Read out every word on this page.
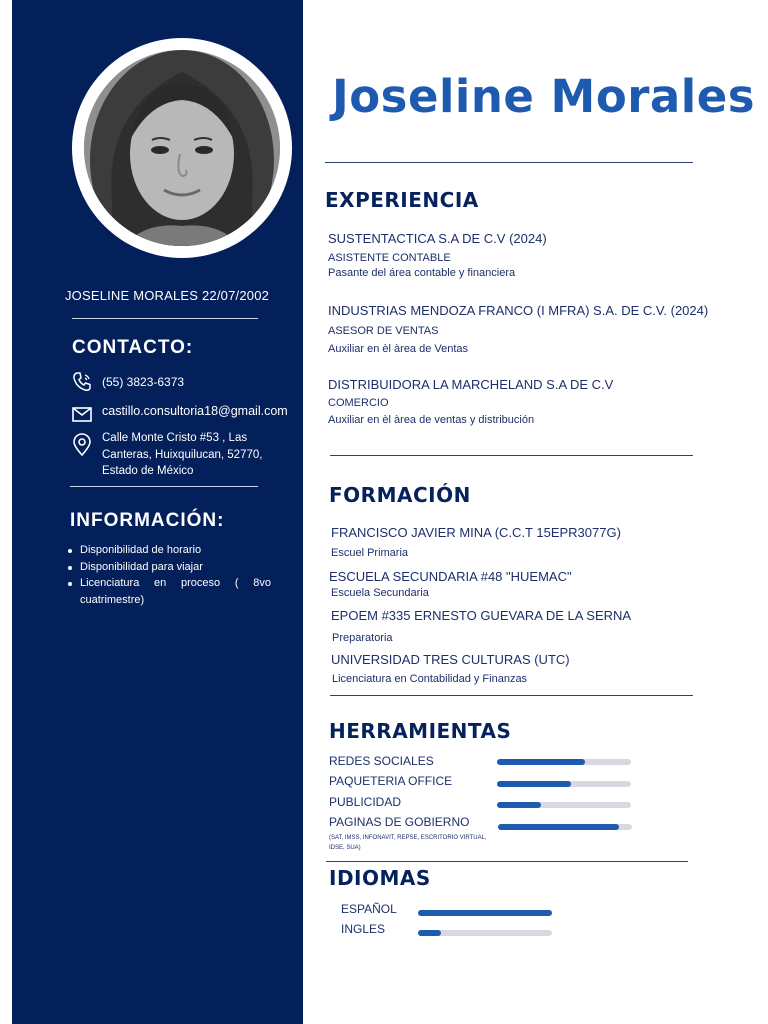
JOSELINE MORALES 22/07/2002
CONTACTO:
(55) 3823-6373
castillo.consultoria18@gmail.com
Calle Monte Cristo #53 , Las
Canteras, Huixquilucan, 52770,
Estado de México
INFORMACIÓN:
Disponibilidad de horario
Disponibilidad para viajar
Licenciatura en proceso ( 8vo cuatrimestre)
Joseline Morales
EXPERIENCIA
SUSTENTACTICA S.A DE C.V (2024)
ASISTENTE CONTABLE
Pasante del área contable y financiera
INDUSTRIAS MENDOZA FRANCO (I MFRA) S.A. DE C.V. (2024)
ASESOR DE VENTAS
Auxiliar en èl àrea de Ventas
DISTRIBUIDORA LA MARCHELAND S.A DE C.V
COMERCIO
Auxiliar en èl àrea de ventas y distribución
FORMACIÓN
FRANCISCO JAVIER MINA (C.C.T 15EPR3077G)
Escuel Primaria
ESCUELA SECUNDARIA #48 "HUEMAC"
Escuela Secundaria
EPOEM #335 ERNESTO GUEVARA DE LA SERNA
Preparatoria
UNIVERSIDAD TRES CULTURAS (UTC)
Licenciatura en Contabilidad y Finanzas
HERRAMIENTAS
REDES SOCIALES
PAQUETERIA OFFICE
PUBLICIDAD
PAGINAS DE GOBIERNO
(SAT, IMSS, INFONAVIT, REPSE, ESCRITORIO VIRTUAL,
IDSE, SUA)
IDIOMAS
ESPAÑOL
INGLES
